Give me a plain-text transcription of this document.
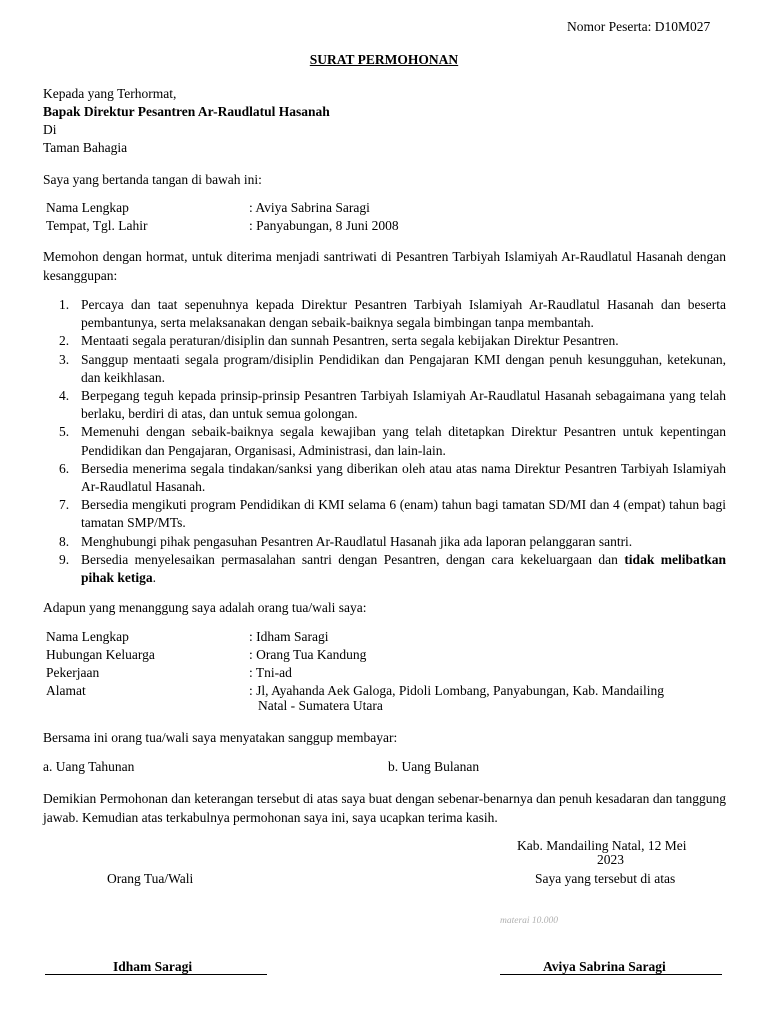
Nomor Peserta: D10M027
SURAT PERMOHONAN
Kepada yang Terhormat,
Bapak Direktur Pesantren Ar-Raudlatul Hasanah
Di
Taman Bahagia
Saya yang bertanda tangan di bawah ini:
Nama Lengkap	: Aviya Sabrina Saragi
Tempat, Tgl. Lahir	: Panyabungan, 8 Juni 2008
Memohon dengan hormat, untuk diterima menjadi santriwati di Pesantren Tarbiyah Islamiyah Ar-Raudlatul Hasanah dengan kesanggupan:
1. Percaya dan taat sepenuhnya kepada Direktur Pesantren Tarbiyah Islamiyah Ar-Raudlatul Hasanah dan beserta pembantunya, serta melaksanakan dengan sebaik-baiknya segala bimbingan tanpa membantah.
2. Mentaati segala peraturan/disiplin dan sunnah Pesantren, serta segala kebijakan Direktur Pesantren.
3. Sanggup mentaati segala program/disiplin Pendidikan dan Pengajaran KMI dengan penuh kesungguhan, ketekunan, dan keikhlasan.
4. Berpegang teguh kepada prinsip-prinsip Pesantren Tarbiyah Islamiyah Ar-Raudlatul Hasanah sebagaimana yang telah berlaku, berdiri di atas, dan untuk semua golongan.
5. Memenuhi dengan sebaik-baiknya segala kewajiban yang telah ditetapkan Direktur Pesantren untuk kepentingan Pendidikan dan Pengajaran, Organisasi, Administrasi, dan lain-lain.
6. Bersedia menerima segala tindakan/sanksi yang diberikan oleh atau atas nama Direktur Pesantren Tarbiyah Islamiyah Ar-Raudlatul Hasanah.
7. Bersedia mengikuti program Pendidikan di KMI selama 6 (enam) tahun bagi tamatan SD/MI dan 4 (empat) tahun bagi tamatan SMP/MTs.
8. Menghubungi pihak pengasuhan Pesantren Ar-Raudlatul Hasanah jika ada laporan pelanggaran santri.
9. Bersedia menyelesaikan permasalahan santri dengan Pesantren, dengan cara kekeluargaan dan tidak melibatkan pihak ketiga.
Adapun yang menanggung saya adalah orang tua/wali saya:
Nama Lengkap	: Idham Saragi
Hubungan Keluarga	: Orang Tua Kandung
Pekerjaan	: Tni-ad
Alamat	: Jl, Ayahanda Aek Galoga, Pidoli Lombang, Panyabungan, Kab. Mandailing
Natal - Sumatera Utara
Bersama ini orang tua/wali saya menyatakan sanggup membayar:
a. Uang Tahunan	b. Uang Bulanan
Demikian Permohonan dan keterangan tersebut di atas saya buat dengan sebenar-benarnya dan penuh kesadaran dan tanggung jawab. Kemudian atas terkabulnya permohonan saya ini, saya ucapkan terima kasih.
Kab. Mandailing Natal, 12 Mei
2023
Orang Tua/Wali	Saya yang tersebut di atas
materai 10.000
Idham Saragi	Aviya Sabrina Saragi
